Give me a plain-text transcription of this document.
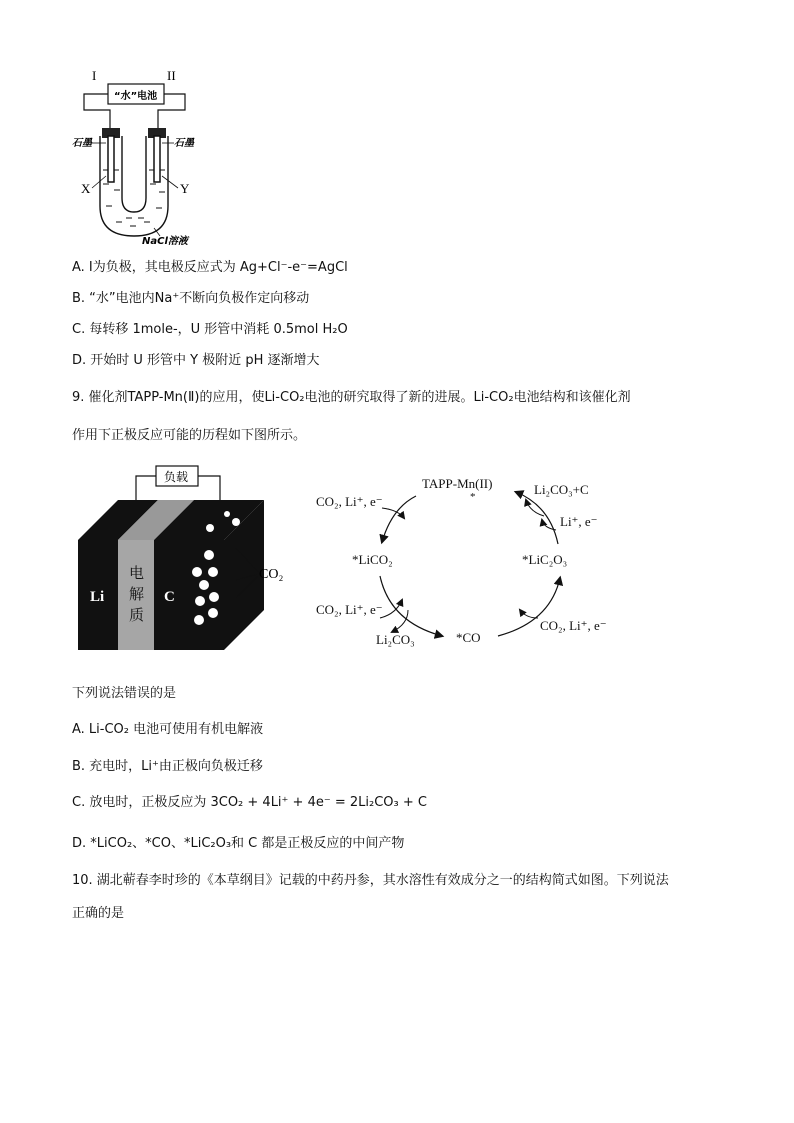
I	II
“水”电池
石墨	石墨
X	Y
NaCl溶液
A. I为负极，其电极反应式为 Ag+Cl⁻-e⁻=AgCl
B. “水”电池内Na⁺不断向负极作定向移动
C. 每转移 1mole-，U 形管中消耗 0.5mol H₂O
D. 开始时 U 形管中 Y 极附近 pH 逐渐增大
9. 催化剂TAPP-Mn(Ⅱ)的应用，使Li-CO₂电池的研究取得了新的进展。Li-CO₂电池结构和该催化剂
作用下正极反应可能的历程如下图所示。
负载
Li
电
解
质
C
CO₂
TAPP-Mn(II)
*
CO₂, Li⁺, e⁻
Li₂CO₃+C
Li⁺, e⁻
*LiCO₂	*LiC₂O₃
CO₂, Li⁺, e⁻
Li₂CO₃	*CO
CO₂, Li⁺, e⁻
下列说法错误的是
A. Li-CO₂ 电池可使用有机电解液
B. 充电时，Li⁺由正极向负极迁移
C. 放电时，正极反应为 3CO₂ + 4Li⁺ + 4e⁻ = 2Li₂CO₃ + C
D. *LiCO₂、*CO、*LiC₂O₃和 C 都是正极反应的中间产物
10. 湖北蕲春李时珍的《本草纲目》记载的中药丹参，其水溶性有效成分之一的结构简式如图。下列说法
正确的是
